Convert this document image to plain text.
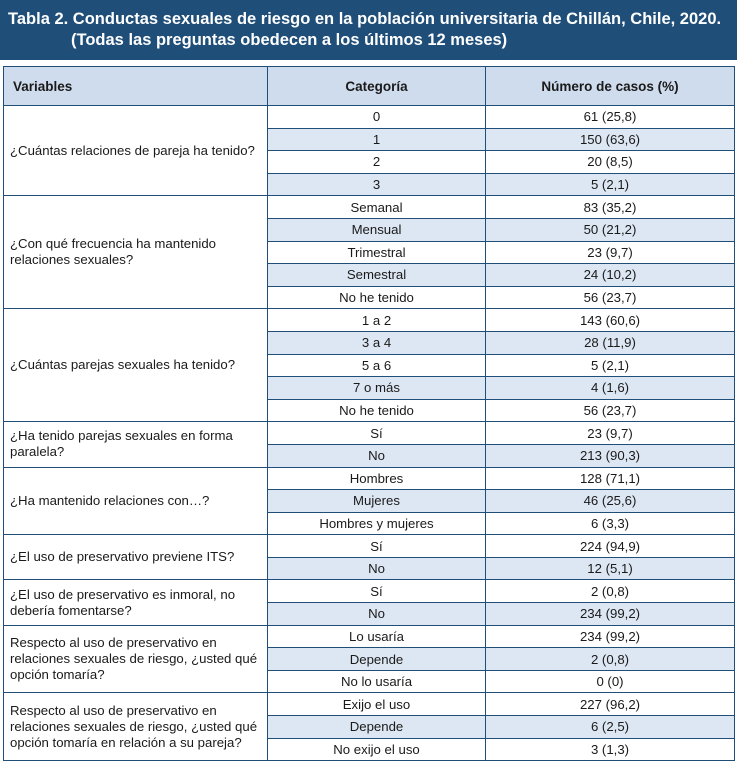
Tabla 2. Conductas sexuales de riesgo en la población universitaria de Chillán, Chile, 2020.
(Todas las preguntas obedecen a los últimos 12 meses)
Variables	Categoría	Número de casos (%)
¿Cuántas relaciones de pareja ha tenido?	0	61 (25,8)
	1	150 (63,6)
	2	20 (8,5)
	3	5 (2,1)
¿Con qué frecuencia ha mantenido relaciones sexuales?	Semanal	83 (35,2)
	Mensual	50 (21,2)
	Trimestral	23 (9,7)
	Semestral	24 (10,2)
	No he tenido	56 (23,7)
¿Cuántas parejas sexuales ha tenido?	1 a 2	143 (60,6)
	3 a 4	28 (11,9)
	5 a 6	5 (2,1)
	7 o más	4 (1,6)
	No he tenido	56 (23,7)
¿Ha tenido parejas sexuales en forma paralela?	Sí	23 (9,7)
	No	213 (90,3)
¿Ha mantenido relaciones con…?	Hombres	128 (71,1)
	Mujeres	46 (25,6)
	Hombres y mujeres	6 (3,3)
¿El uso de preservativo previene ITS?	Sí	224 (94,9)
	No	12 (5,1)
¿El uso de preservativo es inmoral, no debería fomentarse?	Sí	2 (0,8)
	No	234 (99,2)
Respecto al uso de preservativo en relaciones sexuales de riesgo, ¿usted qué opción tomaría?	Lo usaría	234 (99,2)
	Depende	2 (0,8)
	No lo usaría	0 (0)
Respecto al uso de preservativo en relaciones sexuales de riesgo, ¿usted qué opción tomaría en relación a su pareja?	Exijo el uso	227 (96,2)
	Depende	6 (2,5)
	No exijo el uso	3 (1,3)
